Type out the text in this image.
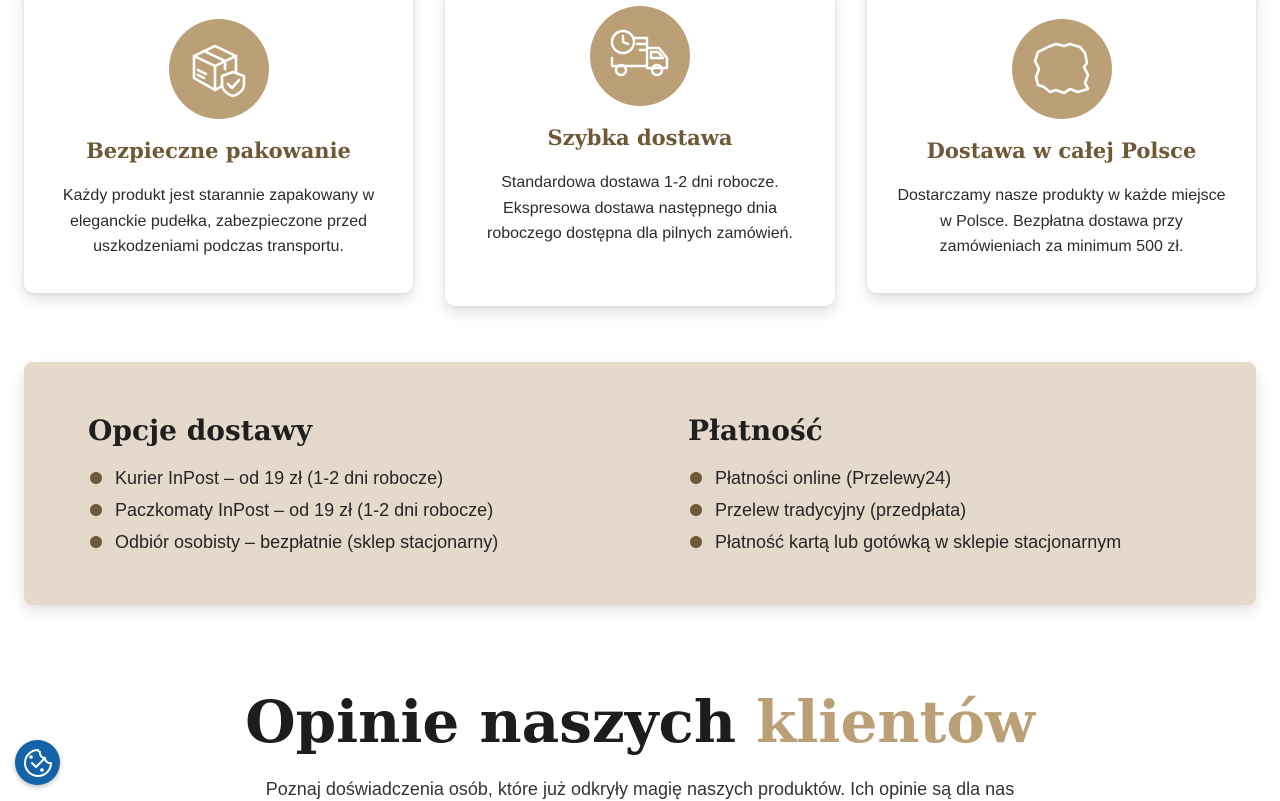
Bezpieczne pakowanie

Każdy produkt jest starannie zapakowany w eleganckie pudełka, zabezpieczone przed uszkodzeniami podczas transportu.

Szybka dostawa

Standardowa dostawa 1-2 dni robocze. Ekspresowa dostawa następnego dnia roboczego dostępna dla pilnych zamówień.

Dostawa w całej Polsce

Dostarczamy nasze produkty w każde miejsce w Polsce. Bezpłatna dostawa przy zamówieniach za minimum 500 zł.

Opcje dostawy
Kurier InPost – od 19 zł (1-2 dni robocze)
Paczkomaty InPost – od 19 zł (1-2 dni robocze)
Odbiór osobisty – bezpłatnie (sklep stacjonarny)
Płatność
Płatności online (Przelewy24)
Przelew tradycyjny (przedpłata)
Płatność kartą lub gotówką w sklepie stacjonarnym
Opinie naszych klientów

Poznaj doświadczenia osób, które już odkryły magię naszych produktów. Ich opinie są dla nas
